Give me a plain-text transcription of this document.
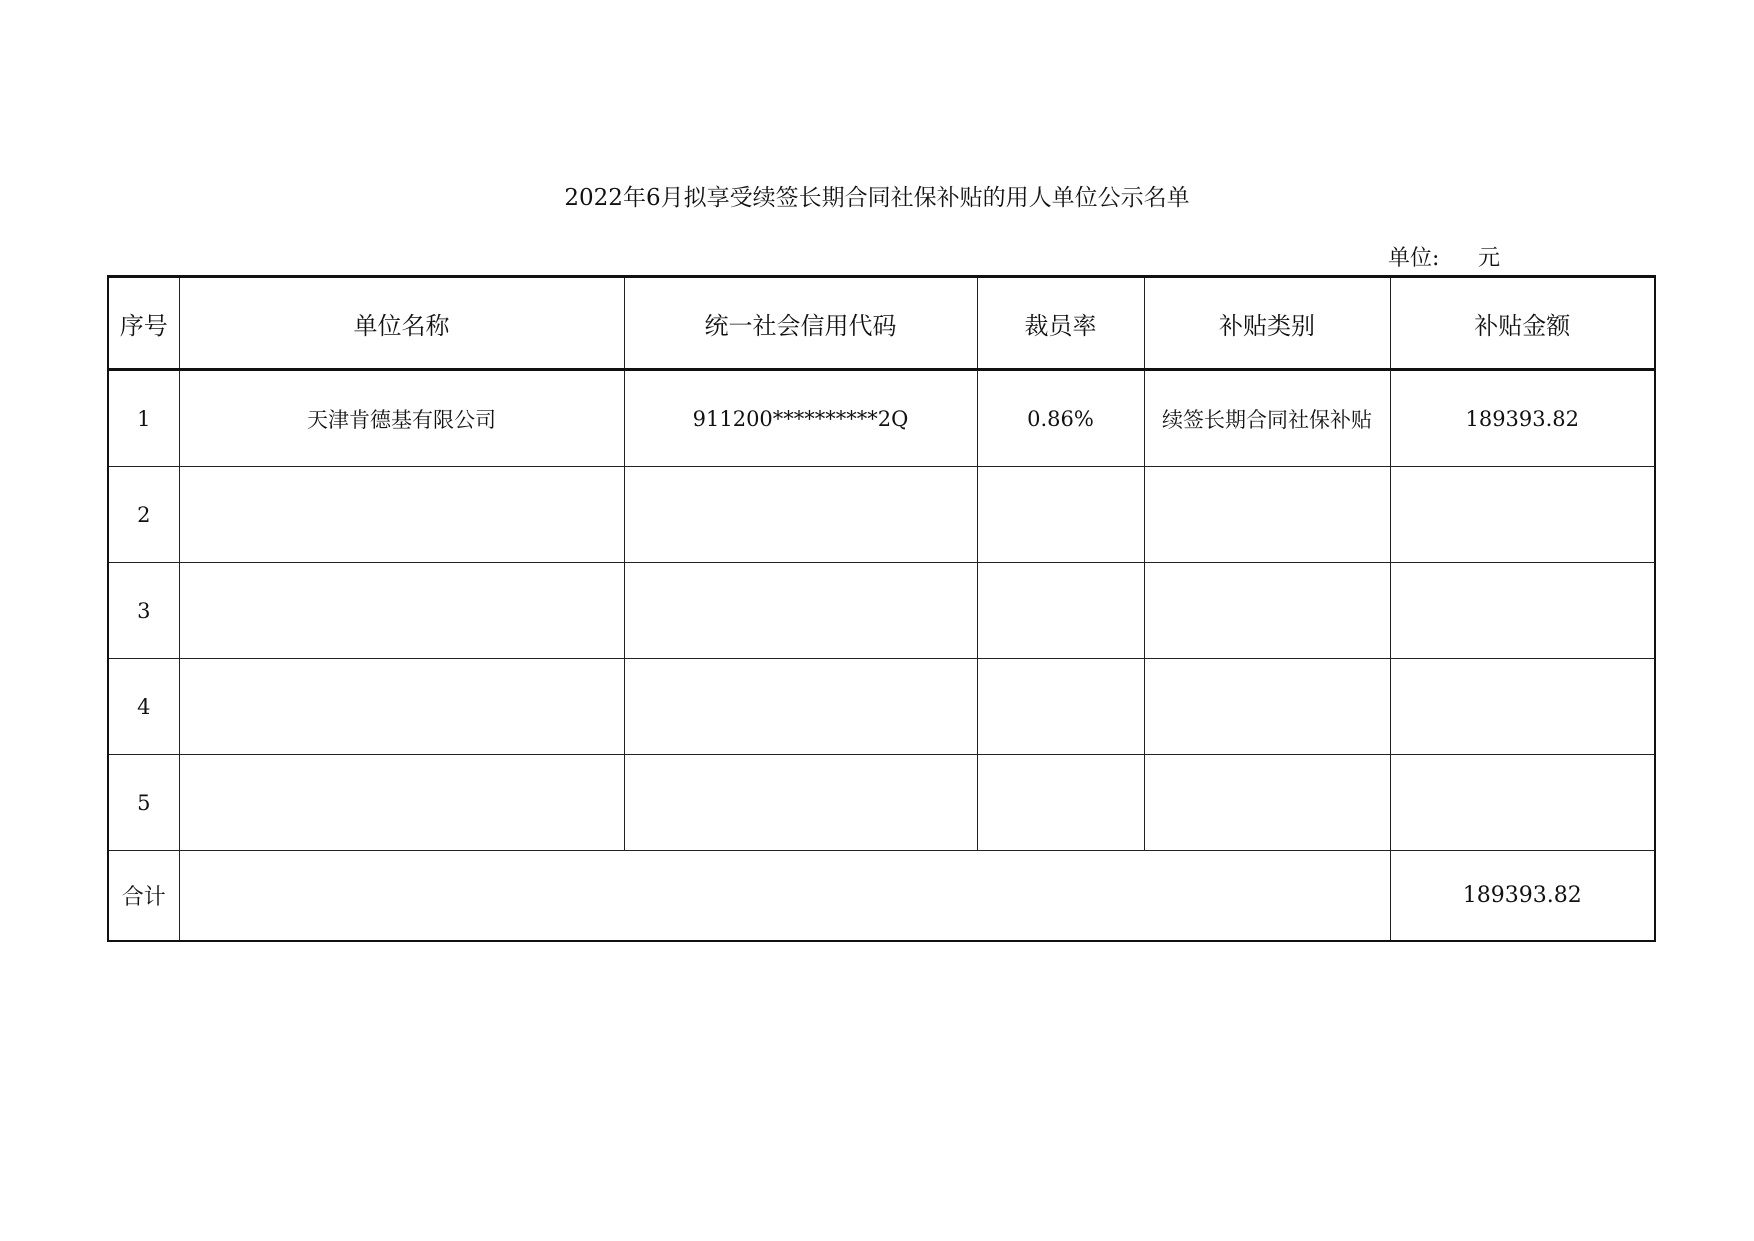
2022年6月拟享受续签长期合同社保补贴的用人单位公示名单
单位: 元
序号	单位名称	统一社会信用代码	裁员率	补贴类别	补贴金额
1	天津肯德基有限公司	911200**********2Q	0.86%	续签长期合同社保补贴	189393.82
2					
3					
4					
5					
合计					189393.82
